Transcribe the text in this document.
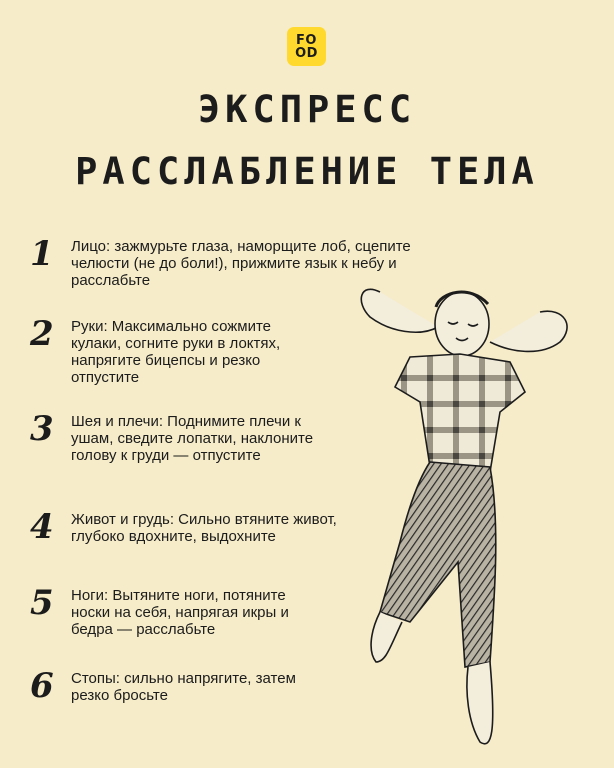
FO
OD
ЭКСПРЕСС
РАССЛАБЛЕНИЕ ТЕЛА
1	Лицо: зажмурьте глаза, наморщите лоб, сцепите челюсти (не до боли!), прижмите язык к небу и расслабьте
2	Руки: Максимально сожмите кулаки, согните руки в локтях, напрягите бицепсы и резко отпустите
3	Шея и плечи: Поднимите плечи к ушам, сведите лопатки, наклоните голову к груди — отпустите
4	Живот и грудь: Сильно втяните живот, глубоко вдохните, выдохните
5	Ноги: Вытяните ноги, потяните носки на себя, напрягая икры и бедра — расслабьте
6	Стопы: сильно напрягите, затем резко бросьте
